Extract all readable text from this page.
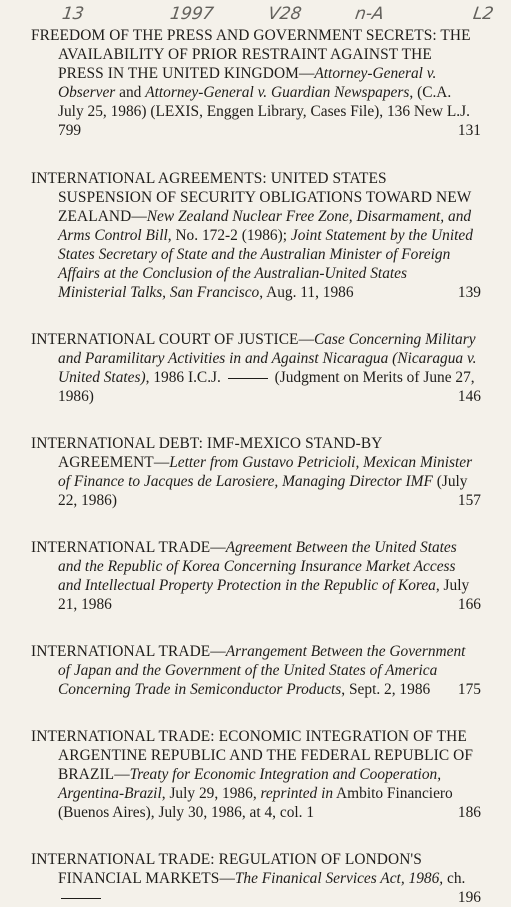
13	1997	V28	n-A	L2

FREEDOM OF THE PRESS AND GOVERNMENT SECRETS: THE AVAILABILITY OF PRIOR RESTRAINT AGAINST THE PRESS IN THE UNITED KINGDOM—Attorney-General v. Observer and Attorney-General v. Guardian Newspapers, (C.A. July 25, 1986) (LEXIS, Enggen Library, Cases File), 136 New L.J. 799	131

INTERNATIONAL AGREEMENTS: UNITED STATES SUSPENSION OF SECURITY OBLIGATIONS TOWARD NEW ZEALAND—New Zealand Nuclear Free Zone, Disarmament, and Arms Control Bill, No. 172-2 (1986); Joint Statement by the United States Secretary of State and the Australian Minister of Foreign Affairs at the Conclusion of the Australian-United States Ministerial Talks, San Francisco, Aug. 11, 1986	139

INTERNATIONAL COURT OF JUSTICE—Case Concerning Military and Paramilitary Activities in and Against Nicaragua (Nicaragua v. United States), 1986 I.C.J.	(Judgment on Merits of June 27, 1986)	146

INTERNATIONAL DEBT: IMF-MEXICO STAND-BY AGREEMENT—Letter from Gustavo Petricioli, Mexican Minister of Finance to Jacques de Larosiere, Managing Director IMF (July 22, 1986)	157

INTERNATIONAL TRADE—Agreement Between the United States and the Republic of Korea Concerning Insurance Market Access and Intellectual Property Protection in the Republic of Korea, July 21, 1986	166

INTERNATIONAL TRADE—Arrangement Between the Government of Japan and the Government of the United States of America Concerning Trade in Semiconductor Products, Sept. 2, 1986 175

INTERNATIONAL TRADE: ECONOMIC INTEGRATION OF THE ARGENTINE REPUBLIC AND THE FEDERAL REPUBLIC OF BRAZIL—Treaty for Economic Integration and Cooperation, Argentina-Brazil, July 29, 1986, reprinted in Ambito Financiero (Buenos Aires), July 30, 1986, at 4, col. 1	186

INTERNATIONAL TRADE: REGULATION OF LONDON'S FINANCIAL MARKETS—The Finanical Services Act, 1986, ch.
196
